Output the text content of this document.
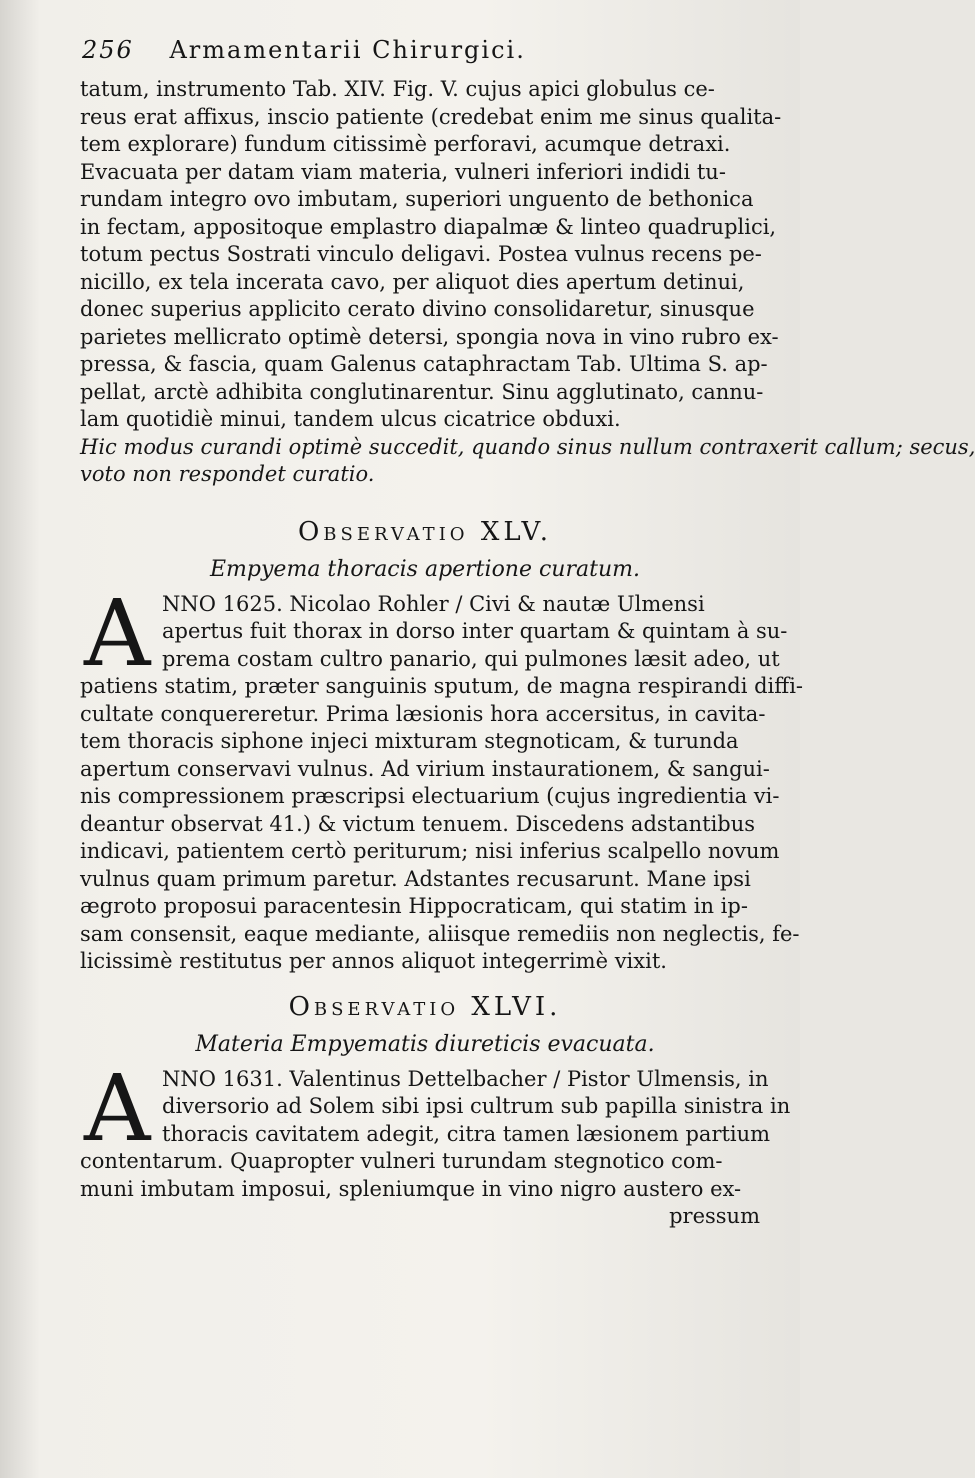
256 Armamentarii Chirurgici.
tatum, instrumento Tab. XIV. Fig. V. cujus apici globulus ce-
reus erat affixus, inscio patiente (credebat enim me sinus qualita-
tem explorare) fundum citissimè perforavi, acumque detraxi.
Evacuata per datam viam materia, vulneri inferiori indidi tu-
rundam integro ovo imbutam, superiori unguento de bethonica
in fectam, appositoque emplastro diapalmæ & linteo quadruplici,
totum pectus Sostrati vinculo deligavi. Postea vulnus recens pe-
nicillo, ex tela incerata cavo, per aliquot dies apertum detinui,
donec superius applicito cerato divino consolidaretur, sinusque
parietes mellicrato optimè detersi, spongia nova in vino rubro ex-
pressa, & fascia, quam Galenus cataphractam Tab. Ultima S. ap-
pellat, arctè adhibita conglutinarentur. Sinu agglutinato, cannu-
lam quotidiè minui, tandem ulcus cicatrice obduxi.
Hic modus curandi optimè succedit, quando sinus nullum contraxerit callum; secus,
voto non respondet curatio.
Observatio XLV.
Empyema thoracis apertione curatum.
A NNO 1625. Nicolao Rohler / Civi & nautæ Ulmensi
apertus fuit thorax in dorso inter quartam & quintam à su-
prema costam cultro panario, qui pulmones læsit adeo, ut
patiens statim, præter sanguinis sputum, de magna respirandi diffi-
cultate conquereretur. Prima læsionis hora accersitus, in cavita-
tem thoracis siphone injeci mixturam stegnoticam, & turunda
apertum conservavi vulnus. Ad virium instaurationem, & sangui-
nis compressionem præscripsi electuarium (cujus ingredientia vi-
deantur observat 41.) & victum tenuem. Discedens adstantibus
indicavi, patientem certò periturum; nisi inferius scalpello novum
vulnus quam primum paretur. Adstantes recusarunt. Mane ipsi
ægroto proposui paracentesin Hippocraticam, qui statim in ip-
sam consensit, eaque mediante, aliisque remediis non neglectis, fe-
licissimè restitutus per annos aliquot integerrimè vixit.
Observatio XLVI.
Materia Empyematis diureticis evacuata.
A NNO 1631. Valentinus Dettelbacher / Pistor Ulmensis, in
diversorio ad Solem sibi ipsi cultrum sub papilla sinistra in
thoracis cavitatem adegit, citra tamen læsionem partium
contentarum. Quapropter vulneri turundam stegnotico com-
muni imbutam imposui, spleniumque in vino nigro austero ex-
pressum
